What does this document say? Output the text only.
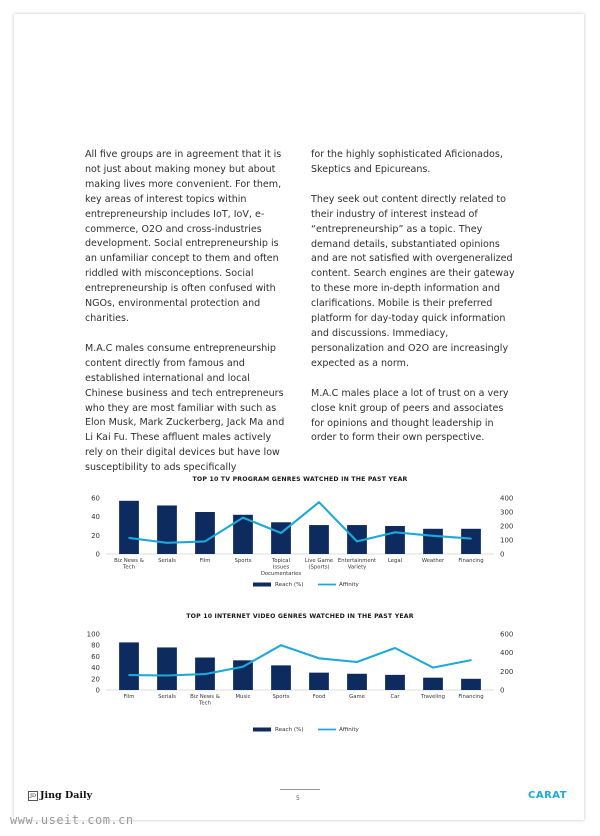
All five groups are in agreement that it is not just about making money but about making lives more convenient. For them, key areas of interest topics within entrepreneurship includes IoT, IoV, e-commerce, O2O and cross-industries development. Social entrepreneurship is an unfamiliar concept to them and often riddled with misconceptions. Social entrepreneurship is often confused with NGOs, environmental protection and charities.

M.A.C males consume entrepreneurship content directly from famous and established international and local Chinese business and tech entrepreneurs who they are most familiar with such as Elon Musk, Mark Zuckerberg, Jack Ma and Li Kai Fu. These affluent males actively rely on their digital devices but have low susceptibility to ads specifically

for the highly sophisticated Aficionados, Skeptics and Epicureans.

They seek out content directly related to their industry of interest instead of “entrepreneurship” as a topic. They demand details, substantiated opinions and are not satisfied with overgeneralized content. Search engines are their gateway to these more in-depth information and clarifications. Mobile is their preferred platform for day-today quick information and discussions. Immediacy, personalization and O2O are increasingly expected as a norm.

M.A.C males place a lot of trust on a very close knit group of peers and associates for opinions and thought leadership in order to form their own perspective.

TOP 10 TV PROGRAM GENRES WATCHED IN THE PAST YEAR
0
20
40
60
0
100
200
300
400
Biz News & Tech
Serials	Film	Sports	Topical Issues Documentaries
Live Game (Sports)
Entertainment Variety
Legal	Weather	Financing
Reach (%)	Affinity
TOP 10 INTERNET VIDEO GENRES WATCHED IN THE PAST YEAR
0
20
40
60
80
100
0
200
400
600
Film	Serials	Biz News & Tech
Music	Sports	Food	Game	Car	Traveling	Financing
Reach (%)	Affinity
JD Jing Daily	5	CARAT
www.useit.com.cn
